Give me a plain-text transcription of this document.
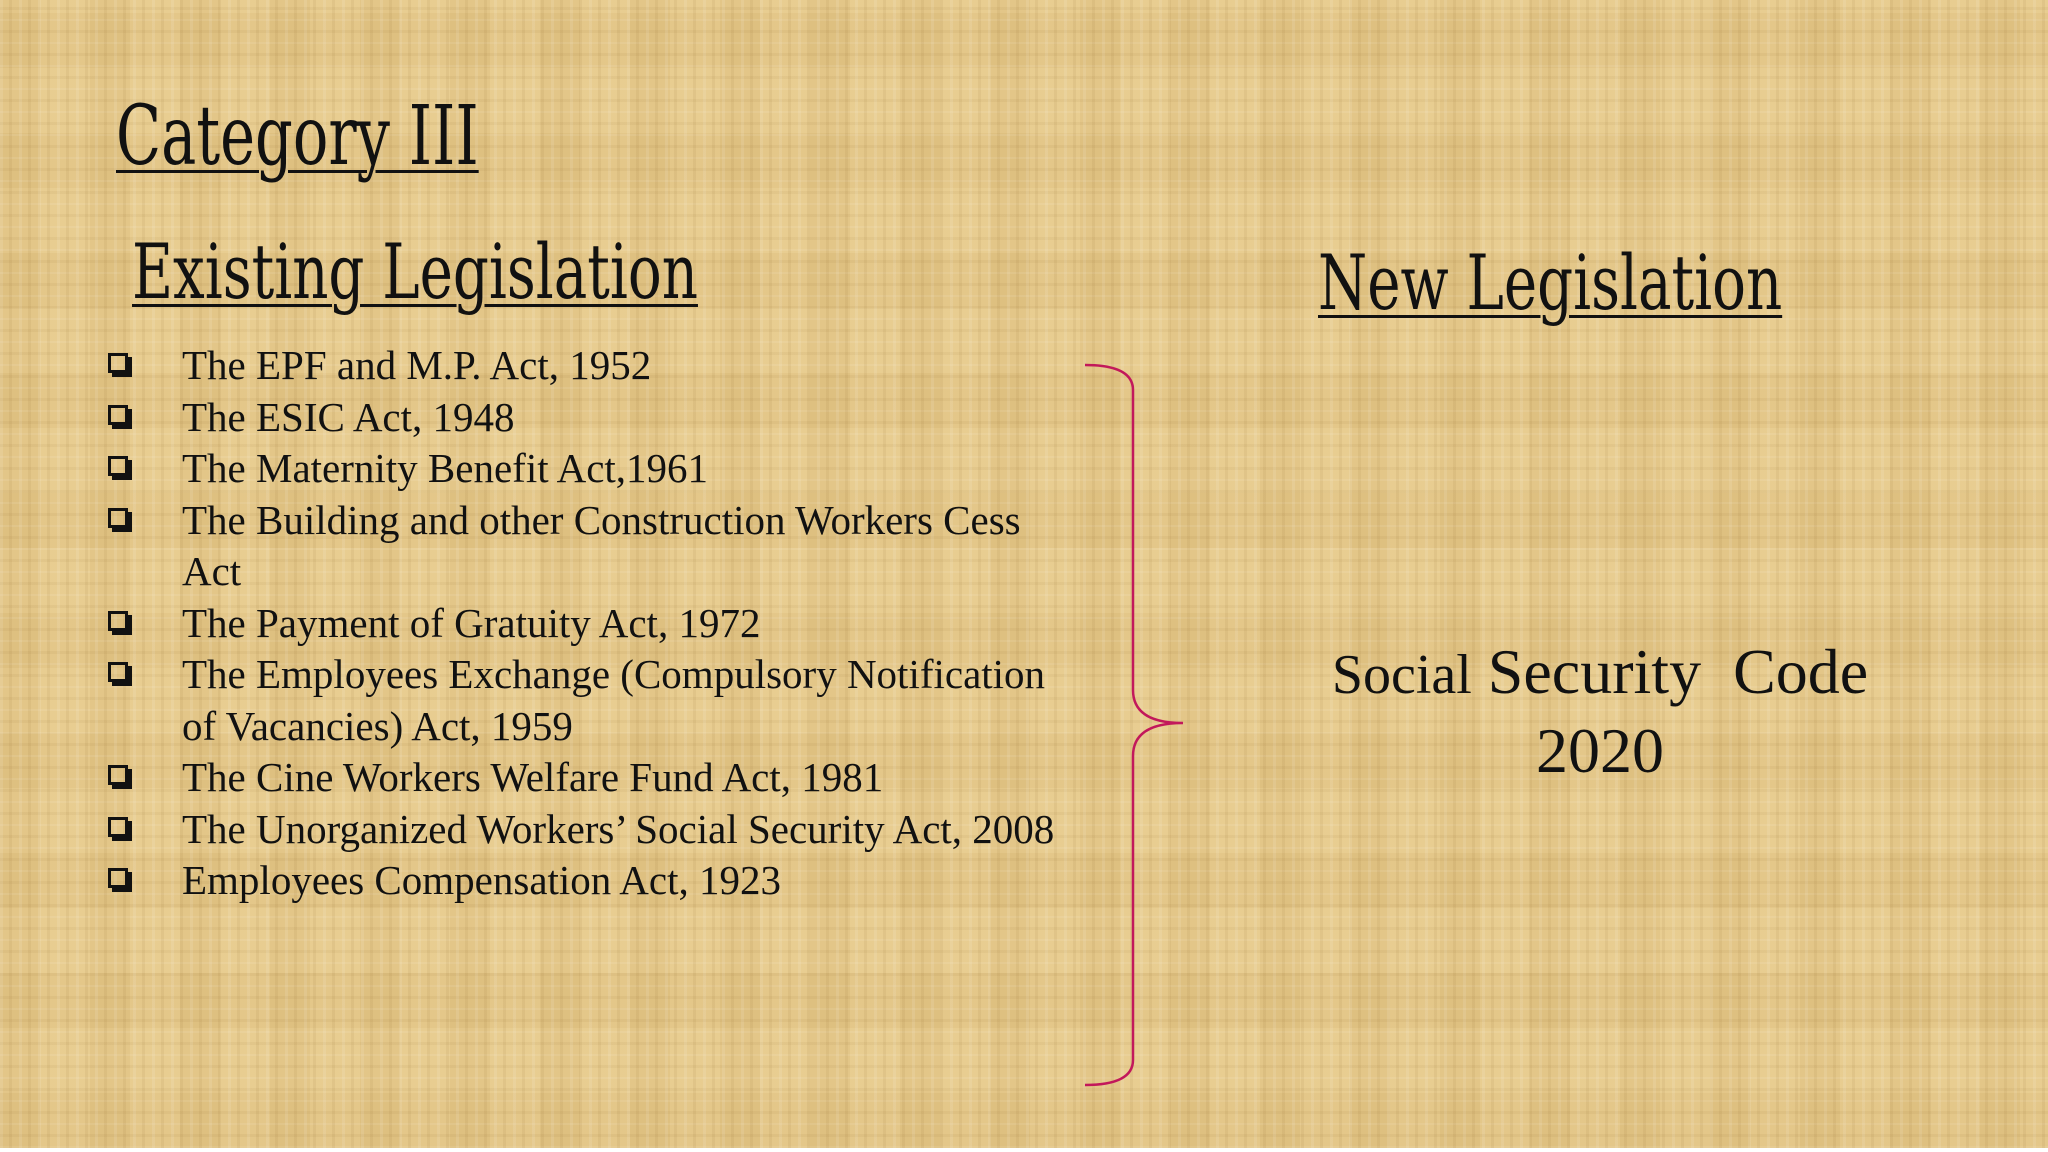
Category III
Existing Legislation	New Legislation
The EPF and M.P. Act, 1952
The ESIC Act, 1948
The Maternity Benefit Act,1961
The Building and other Construction Workers Cess Act
The Payment of Gratuity Act, 1972
The Employees Exchange (Compulsory Notification of Vacancies) Act, 1959
The Cine Workers Welfare Fund Act, 1981
The Unorganized Workers’ Social Security Act, 2008
Employees Compensation Act, 1923
Social Security  Code
2020
